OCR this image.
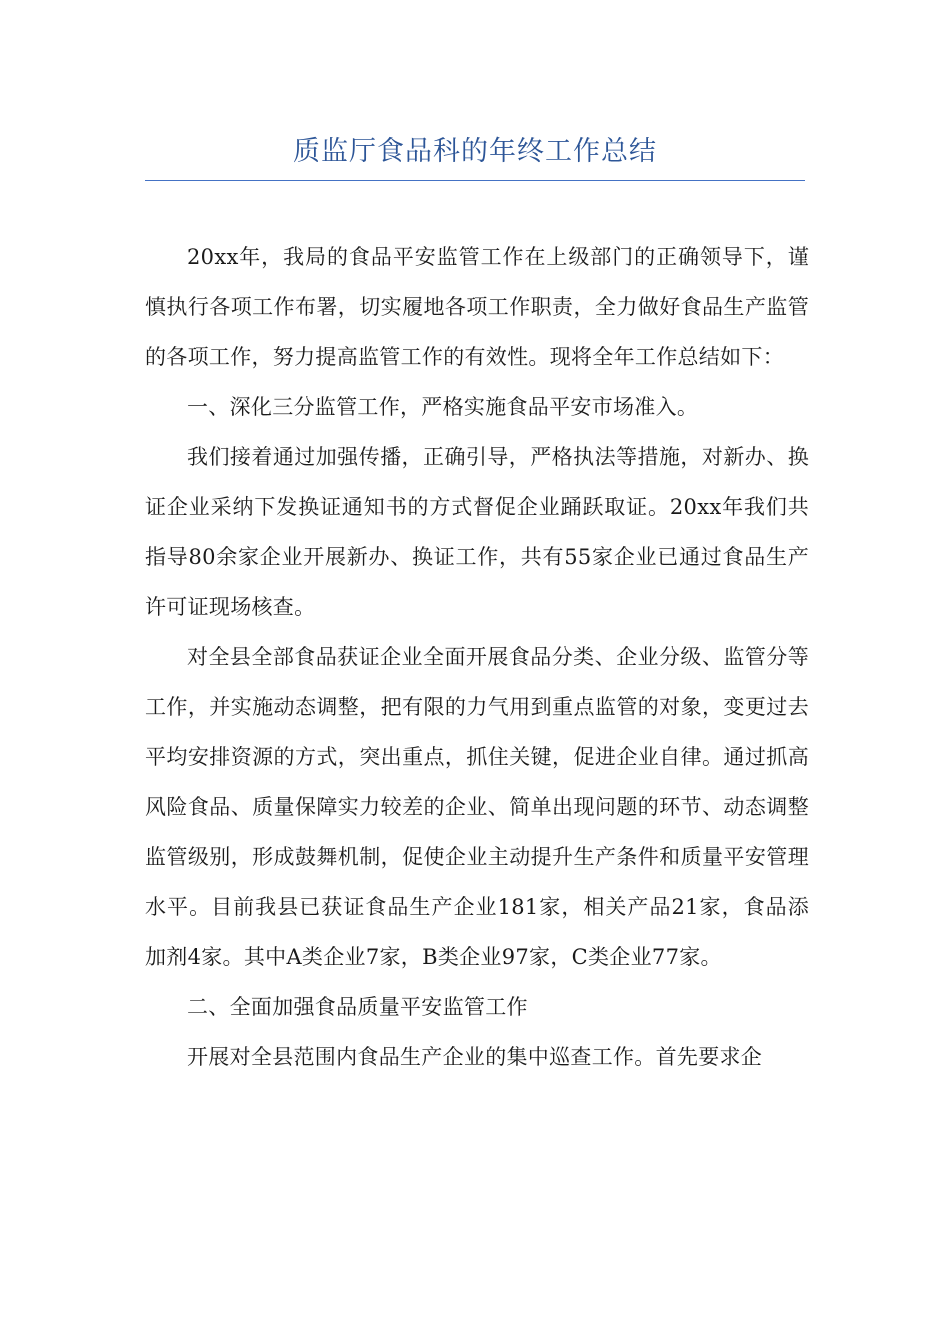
质监厅食品科的年终工作总结

20xx年，我局的食品平安监管工作在上级部门的正确领导下，谨慎执行各项工作布署，切实履地各项工作职责，全力做好食品生产监管的各项工作，努力提高监管工作的有效性。现将全年工作总结如下：

一、深化三分监管工作，严格实施食品平安市场准入。

我们接着通过加强传播，正确引导，严格执法等措施，对新办、换证企业采纳下发换证通知书的方式督促企业踊跃取证。20xx年我们共指导80余家企业开展新办、换证工作，共有55家企业已通过食品生产许可证现场核查。

对全县全部食品获证企业全面开展食品分类、企业分级、监管分等工作，并实施动态调整，把有限的力气用到重点监管的对象，变更过去平均安排资源的方式，突出重点，抓住关键，促进企业自律。通过抓高风险食品、质量保障实力较差的企业、简单出现问题的环节、动态调整监管级别，形成鼓舞机制，促使企业主动提升生产条件和质量平安管理水平。目前我县已获证食品生产企业181家，相关产品21家，食品添加剂4家。其中A类企业7家，B类企业97家，C类企业77家。

二、全面加强食品质量平安监管工作

开展对全县范围内食品生产企业的集中巡查工作。首先要求企
